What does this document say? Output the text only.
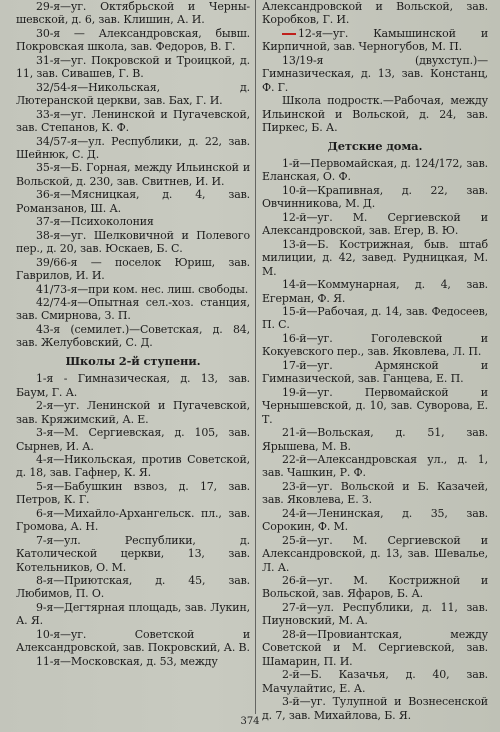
29-я—уг. Октябрьской и Черны-шевской, д. 6, зав. Клишин, А. И.

30-я — Александровская, бывш. Покровская школа, зав. Федоров, В. Г.

31-я—уг. Покровской и Троицкой, д. 11, зав. Сивашев, Г. В.

32/54-я—Никольская, д. Лютеранской церкви, зав. Бах, Г. И.

33-я—уг. Ленинской и Пугачевской, зав. Степанов, К. Ф.

34/57-я—ул. Республики, д. 22, зав. Шейнюк, С. Д.

35-я—Б. Горная, между Ильинской и Вольской, д. 230, зав. Свитнев, И. И.

36-я—Мясницкая, д. 4, зав. Романзанов, Ш. А.

37-я—Психоколония

38-я—уг. Шелковичной и Полевого пер., д. 20, зав. Юскаев, Б. С.

39/66-я — поселок Юриш, зав. Гаврилов, И. И.

41/73-я—при ком. нес. лиш. свободы.

42/74-я—Опытная сел.-хоз. станция, зав. Смирнова, З. П.

43-я (семилет.)—Советская, д. 84, зав. Желубовский, С. Д.

Школы 2-й ступени.

1-я - Гимназическая, д. 13, зав. Баум, Г. А.

2-я—уг. Ленинской и Пугачевской, зав. Кряжимский, А. Е.

3-я—М. Сергиевская, д. 105, зав. Сырнев, И. А.

4-я—Никольская, против Советской, д. 18, зав. Гафнер, К. Я.

5-я—Бабушкин взвоз, д. 17, зав. Петров, К. Г.

6-я—Михайло-Архангельск. пл., зав. Громова, А. Н.

7-я—ул. Республики, д. Католической церкви, 13, зав. Котельников, О. М.

8-я—Приютская, д. 45, зав. Любимов, П. О.

9-я—Дегтярная площадь, зав. Лукин, А. Я.

10-я—уг. Советской и Александровской, зав. Покровский, А. В.

11-я—Московская, д. 53, между

Александровской и Вольской, зав. Коробков, Г. И.

12-я—уг. Камышинской и Кирпичной, зав. Черногубов, М. П.

13/19-я (двухступ.)—Гимназическая, д. 13, зав. Констанц, Ф. Г.

Школа подростк.—Рабочая, между Ильинской и Вольской, д. 24, зав. Пиркес, Б. А.

Детские дома.

1-й—Первомайская, д. 124/172, зав. Еланская, О. Ф.

10-й—Крапивная, д. 22, зав. Овчинникова, М. Д.

12-й—уг. М. Сергиевской и Александровской, зав. Егер, В. Ю.

13-й—Б. Кострижная, быв. штаб милиции, д. 42, завед. Рудницкая, М. М.

14-й—Коммунарная, д. 4, зав. Егерман, Ф. Я.

15-й—Рабочая, д. 14, зав. Федосеев, П. С.

16-й—уг. Гоголевской и Кокуевского пер., зав. Яковлева, Л. П.

17-й—уг. Армянской и Гимназической, зав. Ганцева, Е. П.

19-й—уг. Первомайской и Чернышевской, д. 10, зав. Суворова, Е. Т.

21-й—Вольская, д. 51, зав. Ярышева, М. В.

22-й—Александровская ул., д. 1, зав. Чашкин, Р. Ф.

23-й—уг. Вольской и Б. Казачей, зав. Яковлева, Е. З.

24-й—Ленинская, д. 35, зав. Сорокин, Ф. М.

25-й—уг. М. Сергиевской и Александровской, д. 13, зав. Шевалье, Л. А.

26-й—уг. М. Кострижной и Вольской, зав. Яфаров, Б. А.

27-й—ул. Республики, д. 11, зав. Пиуновский, М. А.

28-й—Провиантская, между Советской и М. Сергиевской, зав. Шамарин, П. И.

2-й—Б. Казачья, д. 40, зав. Мачулайтис, Е. А.

3-й—уг. Тулупной и Вознесенской д. 7, зав. Михайлова, Б. Я.

374
